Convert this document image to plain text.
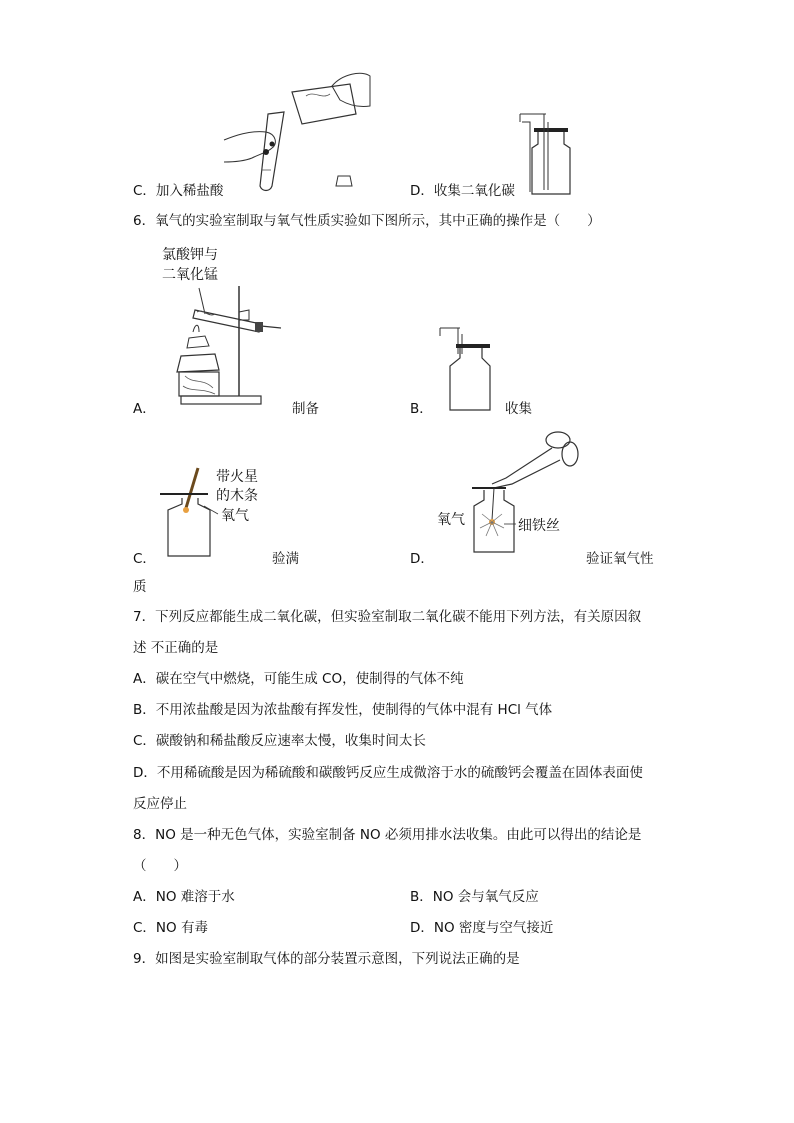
C．加入稀盐酸	D．收集二氧化碳
6．氧气的实验室制取与氧气性质实验如下图所示，其中正确的操作是（　　）
氯酸钾与
二氧化锰
A．	制备	B．	收集
带火星
的木条
氧气
C．	验满
氧气	细铁丝
D．	验证氧气性
质
7．下列反应都能生成二氧化碳，但实验室制取二氧化碳不能用下列方法，有关原因叙
述 不正确的是
A．碳在空气中燃烧，可能生成 CO，使制得的气体不纯
B．不用浓盐酸是因为浓盐酸有挥发性，使制得的气体中混有 HCl 气体
C．碳酸钠和稀盐酸反应速率太慢，收集时间太长
D．不用稀硫酸是因为稀硫酸和碳酸钙反应生成微溶于水的硫酸钙会覆盖在固体表面使
反应停止
8．NO 是一种无色气体，实验室制备 NO 必须用排水法收集。由此可以得出的结论是
（　　）
A．NO 难溶于水	B．NO 会与氧气反应
C．NO 有毒	D．NO 密度与空气接近
9．如图是实验室制取气体的部分装置示意图，下列说法正确的是
